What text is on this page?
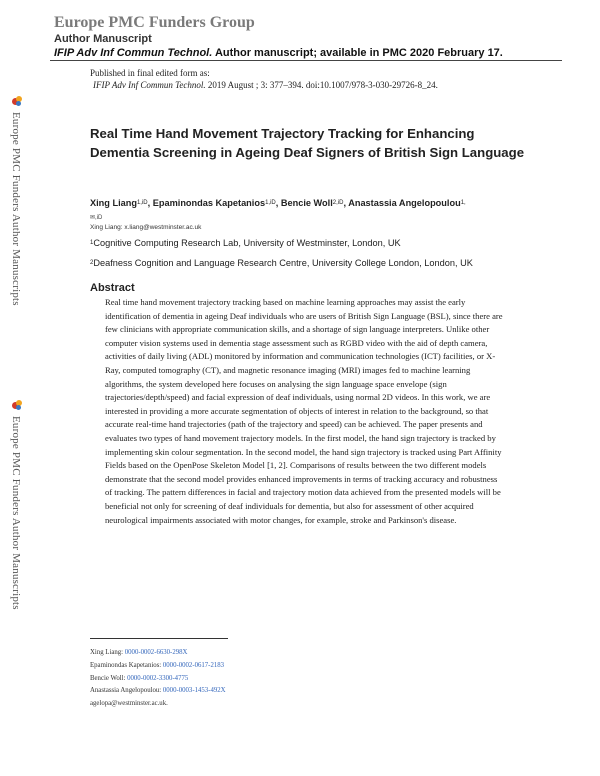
Europe PMC Funders Group
Author Manuscript
IFIP Adv Inf Commun Technol. Author manuscript; available in PMC 2020 February 17.
Published in final edited form as:
IFIP Adv Inf Commun Technol. 2019 August ; 3: 377–394. doi:10.1007/978-3-030-29726-8_24.
Europe PMC Funders Author Manuscripts
Europe PMC Funders Author Manuscripts
Real Time Hand Movement Trajectory Tracking for Enhancing Dementia Screening in Ageing Deaf Signers of British Sign Language
Xing Liang$^{1,iD}$, Epaminondas Kapetanios$^{1,iD}$, Bencie Woll$^{2,iD}$, Anastassia Angelopoulou$^{1,}$
✉,iD
Xing Liang: x.liang@westminster.ac.uk
$^1$Cognitive Computing Research Lab, University of Westminster, London, UK
$^2$Deafness Cognition and Language Research Centre, University College London, London, UK
Abstract
Real time hand movement trajectory tracking based on machine learning approaches may assist the early identification of dementia in ageing Deaf individuals who are users of British Sign Language (BSL), since there are few clinicians with appropriate communication skills, and a shortage of sign language interpreters. Unlike other computer vision systems used in dementia stage assessment such as RGBD video with the aid of depth camera, activities of daily living (ADL) monitored by information and communication technologies (ICT) facilities, or X-Ray, computed tomography (CT), and magnetic resonance imaging (MRI) images fed to machine learning algorithms, the system developed here focuses on analysing the sign language space envelope (sign trajectories/depth/speed) and facial expression of deaf individuals, using normal 2D videos. In this work, we are interested in providing a more accurate segmentation of objects of interest in relation to the background, so that accurate real-time hand trajectories (path of the trajectory and speed) can be achieved. The paper presents and evaluates two types of hand movement trajectory models. In the first model, the hand sign trajectory is tracked by implementing skin colour segmentation. In the second model, the hand sign trajectory is tracked using Part Affinity Fields based on the OpenPose Skeleton Model [1, 2]. Comparisons of results between the two different models demonstrate that the second model provides enhanced improvements in terms of tracking accuracy and robustness of tracking. The pattern differences in facial and trajectory motion data achieved from the presented models will be beneficial not only for screening of deaf individuals for dementia, but also for assessment of other acquired neurological impairments associated with motor changes, for example, stroke and Parkinson's disease.
Xing Liang: 0000-0002-6630-298X
Epaminondas Kapetanios: 0000-0002-0617-2183
Bencie Woll: 0000-0002-3300-4775
Anastassia Angelopoulou: 0000-0003-1453-492X
agelopa@westminster.ac.uk.
